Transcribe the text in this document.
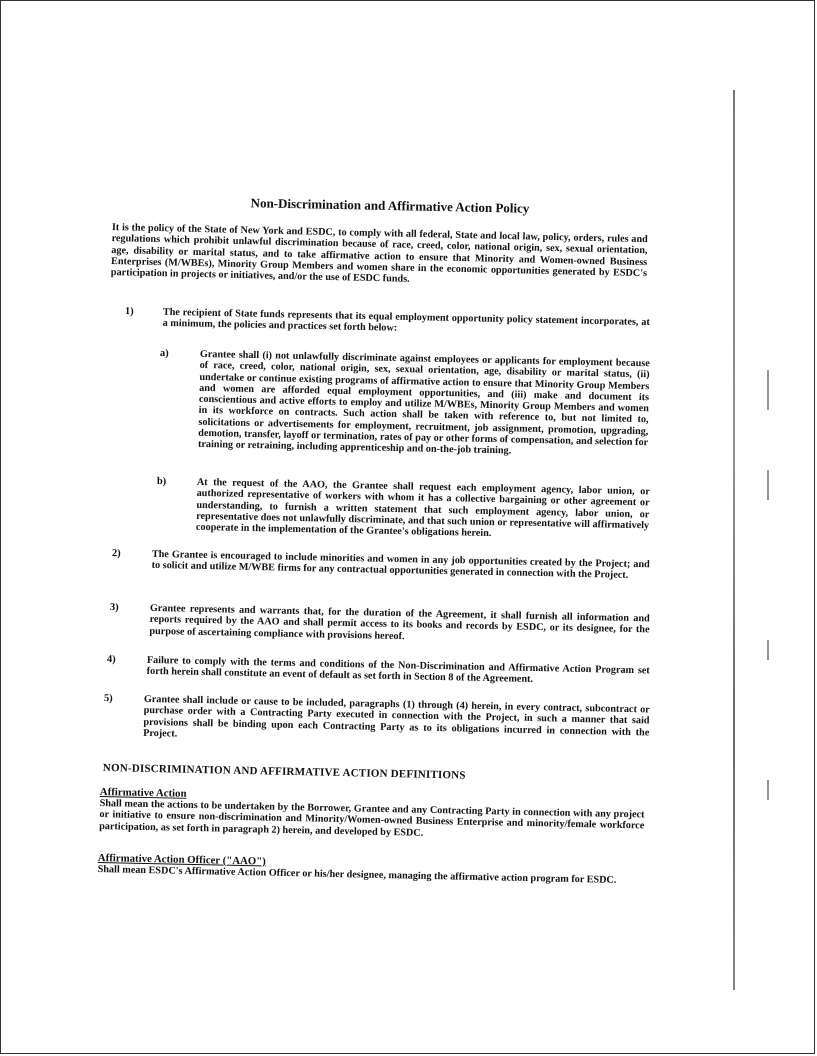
Non-Discrimination and Affirmative Action Policy

It is the policy of the State of New York and ESDC, to comply with all federal, State and local law, policy, orders, rules and regulations which prohibit unlawful discrimination because of race, creed, color, national origin, sex, sexual orientation, age, disability or marital status, and to take affirmative action to ensure that Minority and Women-owned Business Enterprises (M/WBEs), Minority Group Members and women share in the economic opportunities generated by ESDC's participation in projects or initiatives, and/or the use of ESDC funds.

1)	The recipient of State funds represents that its equal employment opportunity policy statement incorporates, at a minimum, the policies and practices set forth below:

a)	Grantee shall (i) not unlawfully discriminate against employees or applicants for employment because of race, creed, color, national origin, sex, sexual orientation, age, disability or marital status, (ii) undertake or continue existing programs of affirmative action to ensure that Minority Group Members and women are afforded equal employment opportunities, and (iii) make and document its conscientious and active efforts to employ and utilize M/WBEs, Minority Group Members and women in its workforce on contracts. Such action shall be taken with reference to, but not limited to, solicitations or advertisements for employment, recruitment, job assignment, promotion, upgrading, demotion, transfer, layoff or termination, rates of pay or other forms of compensation, and selection for training or retraining, including apprenticeship and on-the-job training.

b)	At the request of the AAO, the Grantee shall request each employment agency, labor union, or authorized representative of workers with whom it has a collective bargaining or other agreement or understanding, to furnish a written statement that such employment agency, labor union, or representative does not unlawfully discriminate, and that such union or representative will affirmatively cooperate in the implementation of the Grantee's obligations herein.

2)	The Grantee is encouraged to include minorities and women in any job opportunities created by the Project; and to solicit and utilize M/WBE firms for any contractual opportunities generated in connection with the Project.

3)	Grantee represents and warrants that, for the duration of the Agreement, it shall furnish all information and reports required by the AAO and shall permit access to its books and records by ESDC, or its designee, for the purpose of ascertaining compliance with provisions hereof.

4)	Failure to comply with the terms and conditions of the Non-Discrimination and Affirmative Action Program set forth herein shall constitute an event of default as set forth in Section 8 of the Agreement.

5)	Grantee shall include or cause to be included, paragraphs (1) through (4) herein, in every contract, subcontract or purchase order with a Contracting Party executed in connection with the Project, in such a manner that said provisions shall be binding upon each Contracting Party as to its obligations incurred in connection with the Project.

NON-DISCRIMINATION AND AFFIRMATIVE ACTION DEFINITIONS
Affirmative Action

Shall mean the actions to be undertaken by the Borrower, Grantee and any Contracting Party in connection with any project or initiative to ensure non-discrimination and Minority/Women-owned Business Enterprise and minority/female workforce participation, as set forth in paragraph 2) herein, and developed by ESDC.

Affirmative Action Officer ("AAO")

Shall mean ESDC's Affirmative Action Officer or his/her designee, managing the affirmative action program for ESDC.
